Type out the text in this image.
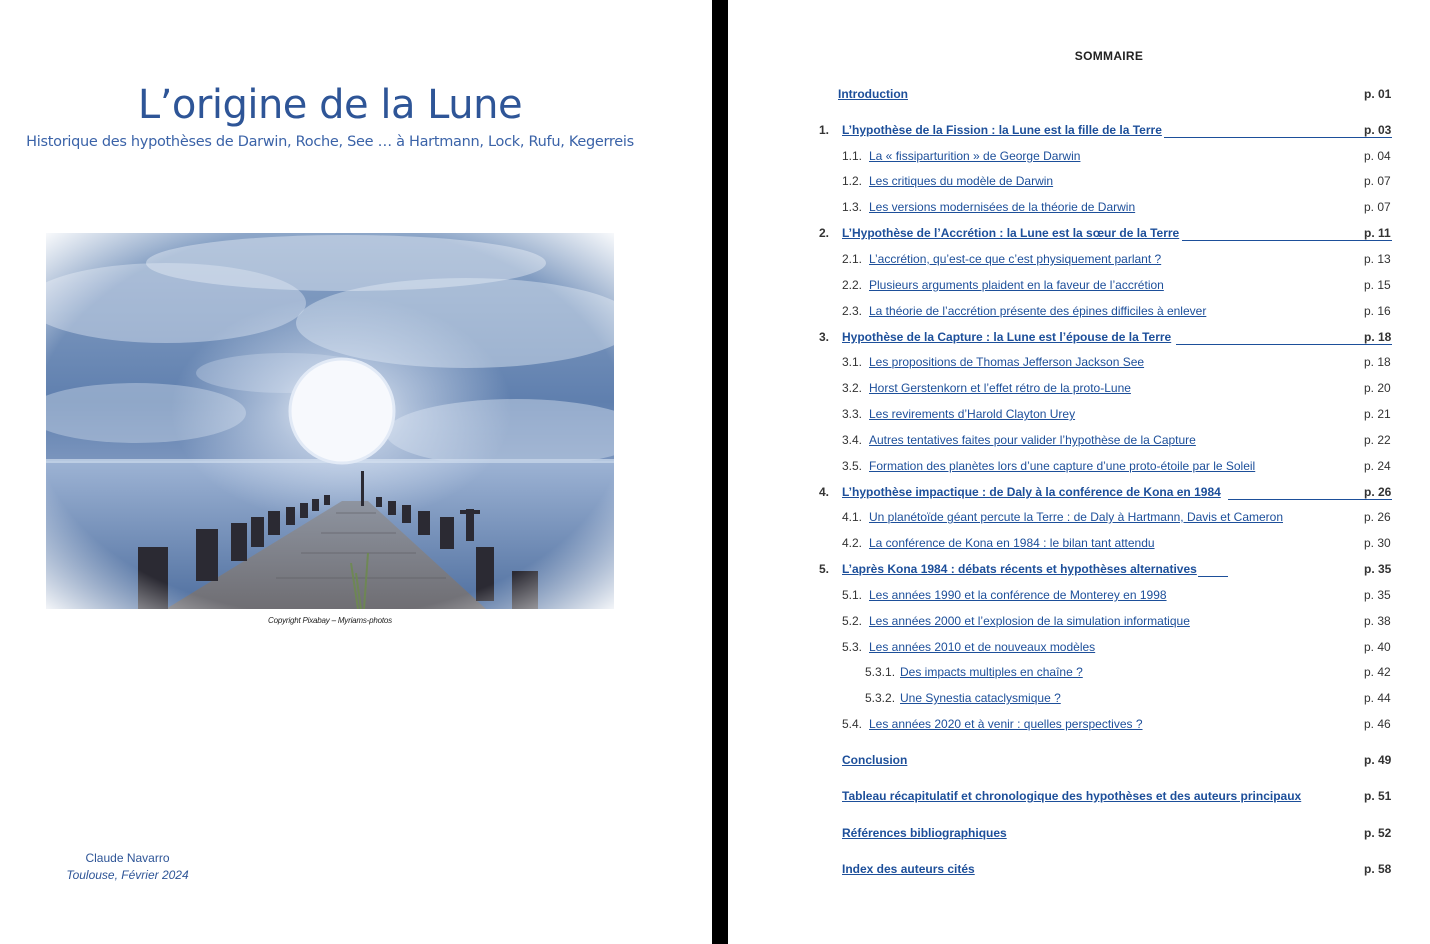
L’origine de la Lune
Historique des hypothèses de Darwin, Roche, See … à Hartmann, Lock, Rufu, Kegerreis
Copyright Pixabay – Myriams-photos
Claude Navarro
Toulouse, Février 2024
SOMMAIRE
Introduction	p. 01
1. L’hypothèse de la Fission : la Lune est la fille de la Terre	p. 03
1.1. La « fissiparturition » de George Darwin	p. 04
1.2. Les critiques du modèle de Darwin	p. 07
1.3. Les versions modernisées de la théorie de Darwin	p. 07
2. L’Hypothèse de l’Accrétion : la Lune est la sœur de la Terre	p. 11
2.1. L’accrétion, qu’est-ce que c’est physiquement parlant ?	p. 13
2.2. Plusieurs arguments plaident en la faveur de l’accrétion	p. 15
2.3. La théorie de l’accrétion présente des épines difficiles à enlever	p. 16
3. Hypothèse de la Capture : la Lune est l’épouse de la Terre	p. 18
3.1. Les propositions de Thomas Jefferson Jackson See	p. 18
3.2. Horst Gerstenkorn et l’effet rétro de la proto-Lune	p. 20
3.3. Les revirements d’Harold Clayton Urey	p. 21
3.4. Autres tentatives faites pour valider l’hypothèse de la Capture	p. 22
3.5. Formation des planètes lors d’une capture d’une proto-étoile par le Soleil	p. 24
4. L’hypothèse impactique : de Daly à la conférence de Kona en 1984	p. 26
4.1. Un planétoïde géant percute la Terre : de Daly à Hartmann, Davis et Cameron	p. 26
4.2. La conférence de Kona en 1984 : le bilan tant attendu	p. 30
5. L’après Kona 1984 : débats récents et hypothèses alternatives	p. 35
5.1. Les années 1990 et la conférence de Monterey en 1998	p. 35
5.2. Les années 2000 et l’explosion de la simulation informatique	p. 38
5.3. Les années 2010 et de nouveaux modèles	p. 40
5.3.1. Des impacts multiples en chaîne ?	p. 42
5.3.2. Une Synestia cataclysmique ?	p. 44
5.4. Les années 2020 et à venir : quelles perspectives ?	p. 46
Conclusion	p. 49
Tableau récapitulatif et chronologique des hypothèses et des auteurs principaux	p. 51
Références bibliographiques	p. 52
Index des auteurs cités	p. 58
